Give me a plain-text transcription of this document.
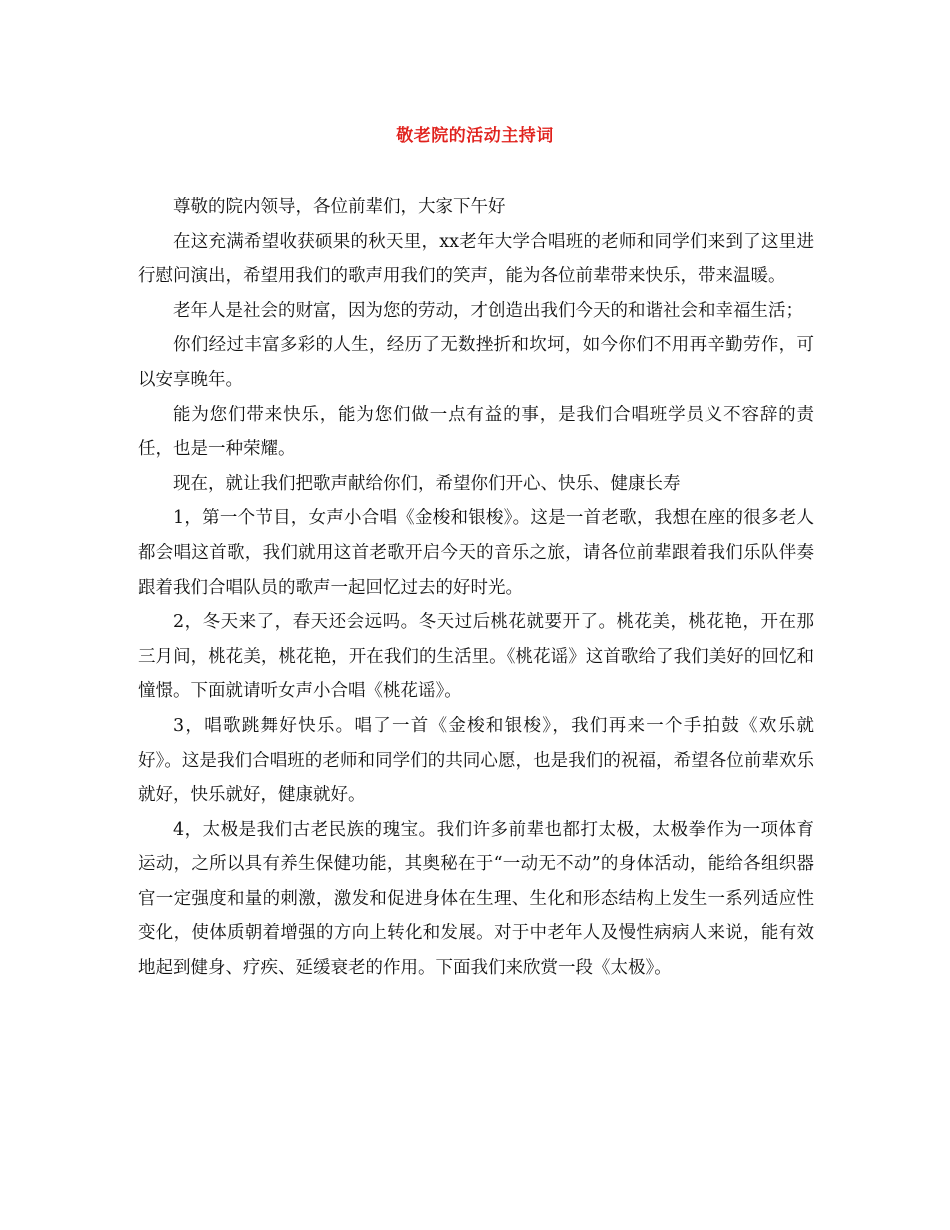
敬老院的活动主持词

尊敬的院内领导，各位前辈们，大家下午好

在这充满希望收获硕果的秋天里，xx老年大学合唱班的老师和同学们来到了这里进行慰问演出，希望用我们的歌声用我们的笑声，能为各位前辈带来快乐，带来温暖。

老年人是社会的财富，因为您的劳动，才创造出我们今天的和谐社会和幸福生活；

你们经过丰富多彩的人生，经历了无数挫折和坎坷，如今你们不用再辛勤劳作，可以安享晚年。

能为您们带来快乐，能为您们做一点有益的事，是我们合唱班学员义不容辞的责任，也是一种荣耀。

现在，就让我们把歌声献给你们，希望你们开心、快乐、健康长寿

1，第一个节目，女声小合唱《金梭和银梭》。这是一首老歌，我想在座的很多老人都会唱这首歌，我们就用这首老歌开启今天的音乐之旅，请各位前辈跟着我们乐队伴奏跟着我们合唱队员的歌声一起回忆过去的好时光。

2，冬天来了，春天还会远吗。冬天过后桃花就要开了。桃花美，桃花艳，开在那三月间，桃花美，桃花艳，开在我们的生活里。《桃花谣》这首歌给了我们美好的回忆和憧憬。下面就请听女声小合唱《桃花谣》。

3，唱歌跳舞好快乐。唱了一首《金梭和银梭》，我们再来一个手拍鼓《欢乐就好》。这是我们合唱班的老师和同学们的共同心愿，也是我们的祝福，希望各位前辈欢乐就好，快乐就好，健康就好。

4，太极是我们古老民族的瑰宝。我们许多前辈也都打太极，太极拳作为一项体育运动，之所以具有养生保健功能，其奥秘在于“一动无不动”的身体活动，能给各组织器官一定强度和量的刺激，激发和促进身体在生理、生化和形态结构上发生一系列适应性变化，使体质朝着增强的方向上转化和发展。对于中老年人及慢性病病人来说，能有效地起到健身、疗疾、延缓衰老的作用。下面我们来欣赏一段《太极》。
